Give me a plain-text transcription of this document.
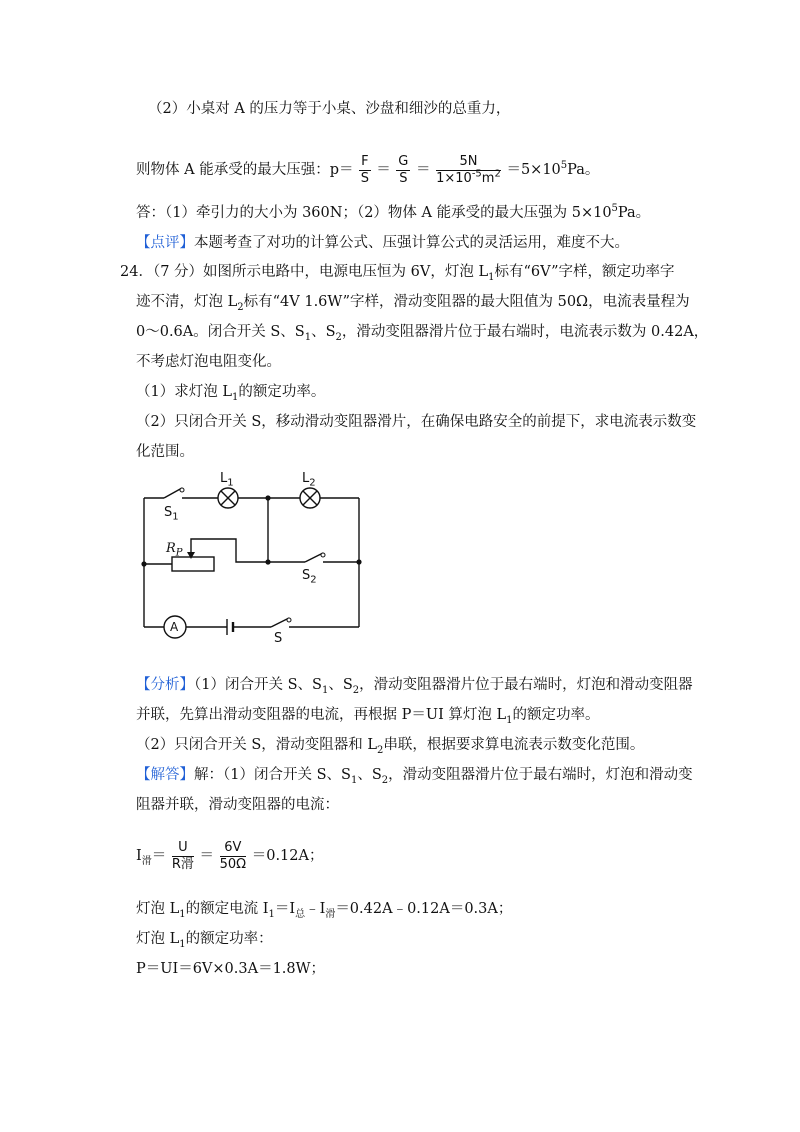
（2）小桌对 A 的压力等于小桌、沙盘和细沙的总重力，
则物体 A 能承受的最大压强：$p= \frac{F}{S} = \frac{G}{S} = \frac{5N}{1\times 10^{-5}m^2} =5\times 10^5Pa$。
答：（1）牵引力的大小为 360N；（2）物体 A 能承受的最大压强为 $5\times 10^5Pa$。
【点评】本题考查了对功的计算公式、压强计算公式的灵活运用，难度不大。
24．（7 分）如图所示电路中，电源电压恒为 6V，灯泡 $L_1$标有“6V”字样，额定功率字
迹不清，灯泡 $L_2$标有“4V 1.6W”字样，滑动变阻器的最大阻值为 50Ω，电流表量程为
0～0.6A。闭合开关 S、$S_1$、$S_2$，滑动变阻器滑片位于最右端时，电流表示数为 0.42A，
不考虑灯泡电阻变化。
（1）求灯泡 $L_1$的额定功率。
（2）只闭合开关 S，移动滑动变阻器滑片，在确保电路安全的前提下，求电流表示数变
化范围。
$S_1$
$L_1$	$L_2$
$R_P$
$S_2$
A
S
【分析】（1）闭合开关 S、$S_1$、$S_2$，滑动变阻器滑片位于最右端时，灯泡和滑动变阻器
并联，先算出滑动变阻器的电流，再根据 P＝UI 算灯泡 $L_1$的额定功率。
（2）只闭合开关 S，滑动变阻器和 $L_2$串联，根据要求算电流表示数变化范围。
【解答】解：（1）闭合开关 S、$S_1$、$S_2$，滑动变阻器滑片位于最右端时，灯泡和滑动变
阻器并联，滑动变阻器的电流：
$I_滑= \frac{U}{\text{R滑}} = \frac{6V}{50\Omega} =0.12A$；
灯泡 $L_1$的额定电流 $I_1=I_总﹣I_滑=0.42A﹣0.12A=0.3A$；
灯泡 $L_1$的额定功率：
P＝UI＝6V×0.3A＝1.8W；
